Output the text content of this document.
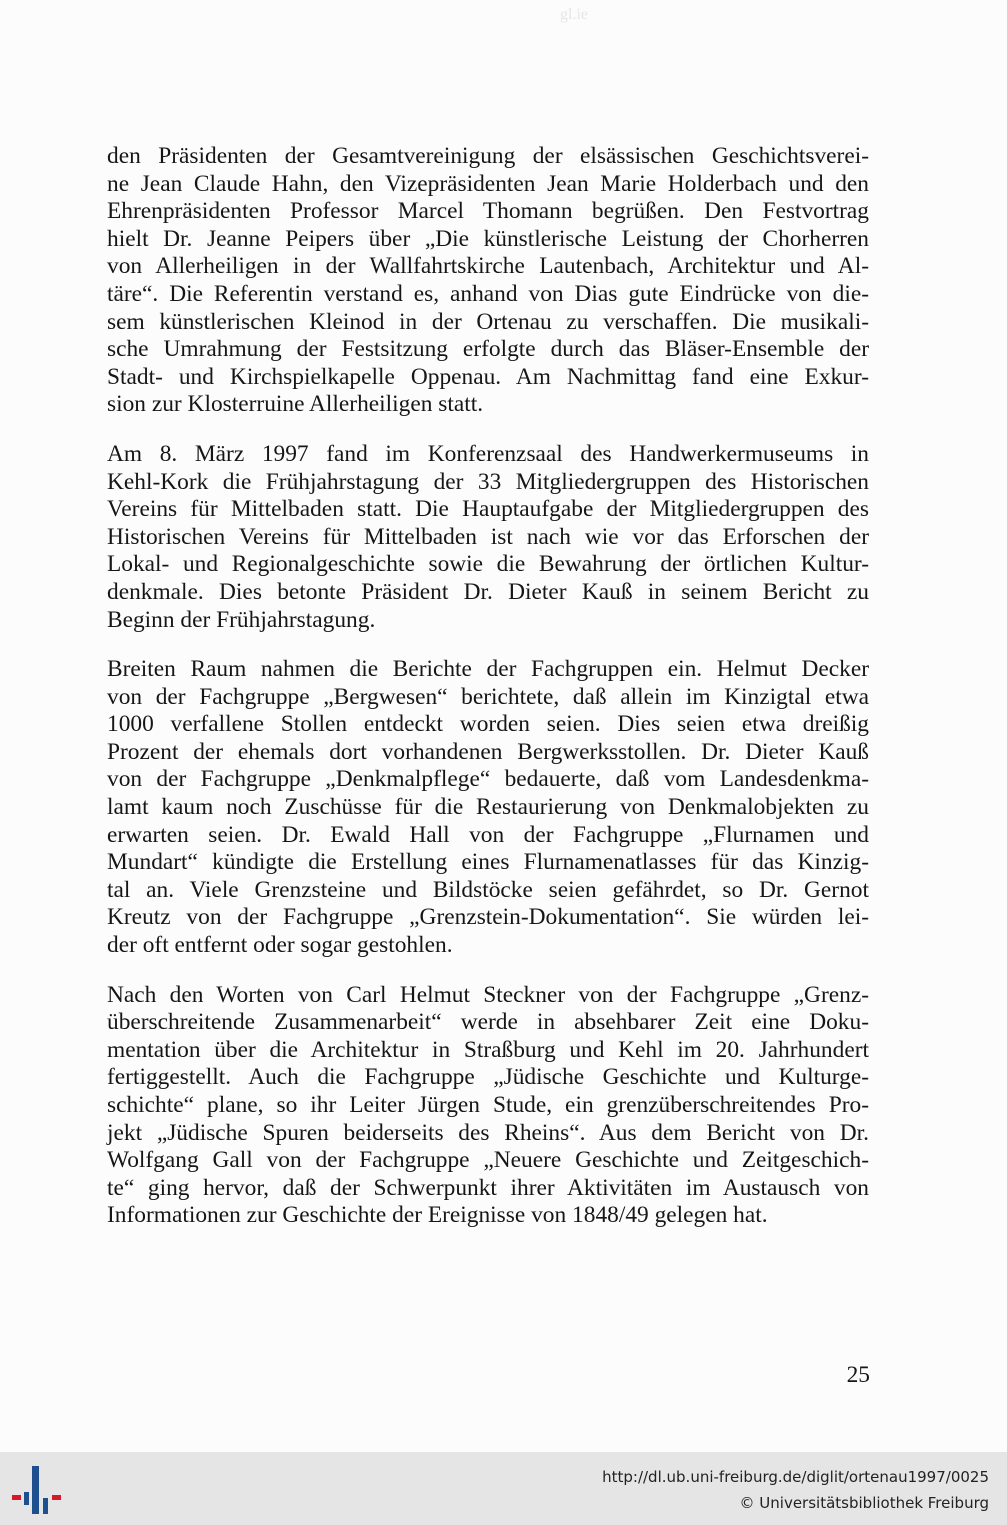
gl.ie

den Präsidenten der Gesamtvereinigung der elsässischen Geschichtsverei-
ne Jean Claude Hahn, den Vizepräsidenten Jean Marie Holderbach und den
Ehrenpräsidenten Professor Marcel Thomann begrüßen. Den Festvortrag
hielt Dr. Jeanne Peipers über „Die künstlerische Leistung der Chorherren
von Allerheiligen in der Wallfahrtskirche Lautenbach, Architektur und Al-
täre“. Die Referentin verstand es, anhand von Dias gute Eindrücke von die-
sem künstlerischen Kleinod in der Ortenau zu verschaffen. Die musikali-
sche Umrahmung der Festsitzung erfolgte durch das Bläser-Ensemble der
Stadt- und Kirchspielkapelle Oppenau. Am Nachmittag fand eine Exkur-
sion zur Klosterruine Allerheiligen statt.

Am 8. März 1997 fand im Konferenzsaal des Handwerkermuseums in
Kehl-Kork die Frühjahrstagung der 33 Mitgliedergruppen des Historischen
Vereins für Mittelbaden statt. Die Hauptaufgabe der Mitgliedergruppen des
Historischen Vereins für Mittelbaden ist nach wie vor das Erforschen der
Lokal- und Regionalgeschichte sowie die Bewahrung der örtlichen Kultur-
denkmale. Dies betonte Präsident Dr. Dieter Kauß in seinem Bericht zu
Beginn der Frühjahrstagung.

Breiten Raum nahmen die Berichte der Fachgruppen ein. Helmut Decker
von der Fachgruppe „Bergwesen“ berichtete, daß allein im Kinzigtal etwa
1000 verfallene Stollen entdeckt worden seien. Dies seien etwa dreißig
Prozent der ehemals dort vorhandenen Bergwerksstollen. Dr. Dieter Kauß
von der Fachgruppe „Denkmalpflege“ bedauerte, daß vom Landesdenkma-
lamt kaum noch Zuschüsse für die Restaurierung von Denkmalobjekten zu
erwarten seien. Dr. Ewald Hall von der Fachgruppe „Flurnamen und
Mundart“ kündigte die Erstellung eines Flurnamenatlasses für das Kinzig-
tal an. Viele Grenzsteine und Bildstöcke seien gefährdet, so Dr. Gernot
Kreutz von der Fachgruppe „Grenzstein-Dokumentation“. Sie würden lei-
der oft entfernt oder sogar gestohlen.

Nach den Worten von Carl Helmut Steckner von der Fachgruppe „Grenz-
überschreitende Zusammenarbeit“ werde in absehbarer Zeit eine Doku-
mentation über die Architektur in Straßburg und Kehl im 20. Jahrhundert
fertiggestellt. Auch die Fachgruppe „Jüdische Geschichte und Kulturge-
schichte“ plane, so ihr Leiter Jürgen Stude, ein grenzüberschreitendes Pro-
jekt „Jüdische Spuren beiderseits des Rheins“. Aus dem Bericht von Dr.
Wolfgang Gall von der Fachgruppe „Neuere Geschichte und Zeitgeschich-
te“ ging hervor, daß der Schwerpunkt ihrer Aktivitäten im Austausch von
Informationen zur Geschichte der Ereignisse von 1848/49 gelegen hat.

25
http://dl.ub.uni-freiburg.de/diglit/ortenau1997/0025
© Universitätsbibliothek Freiburg
